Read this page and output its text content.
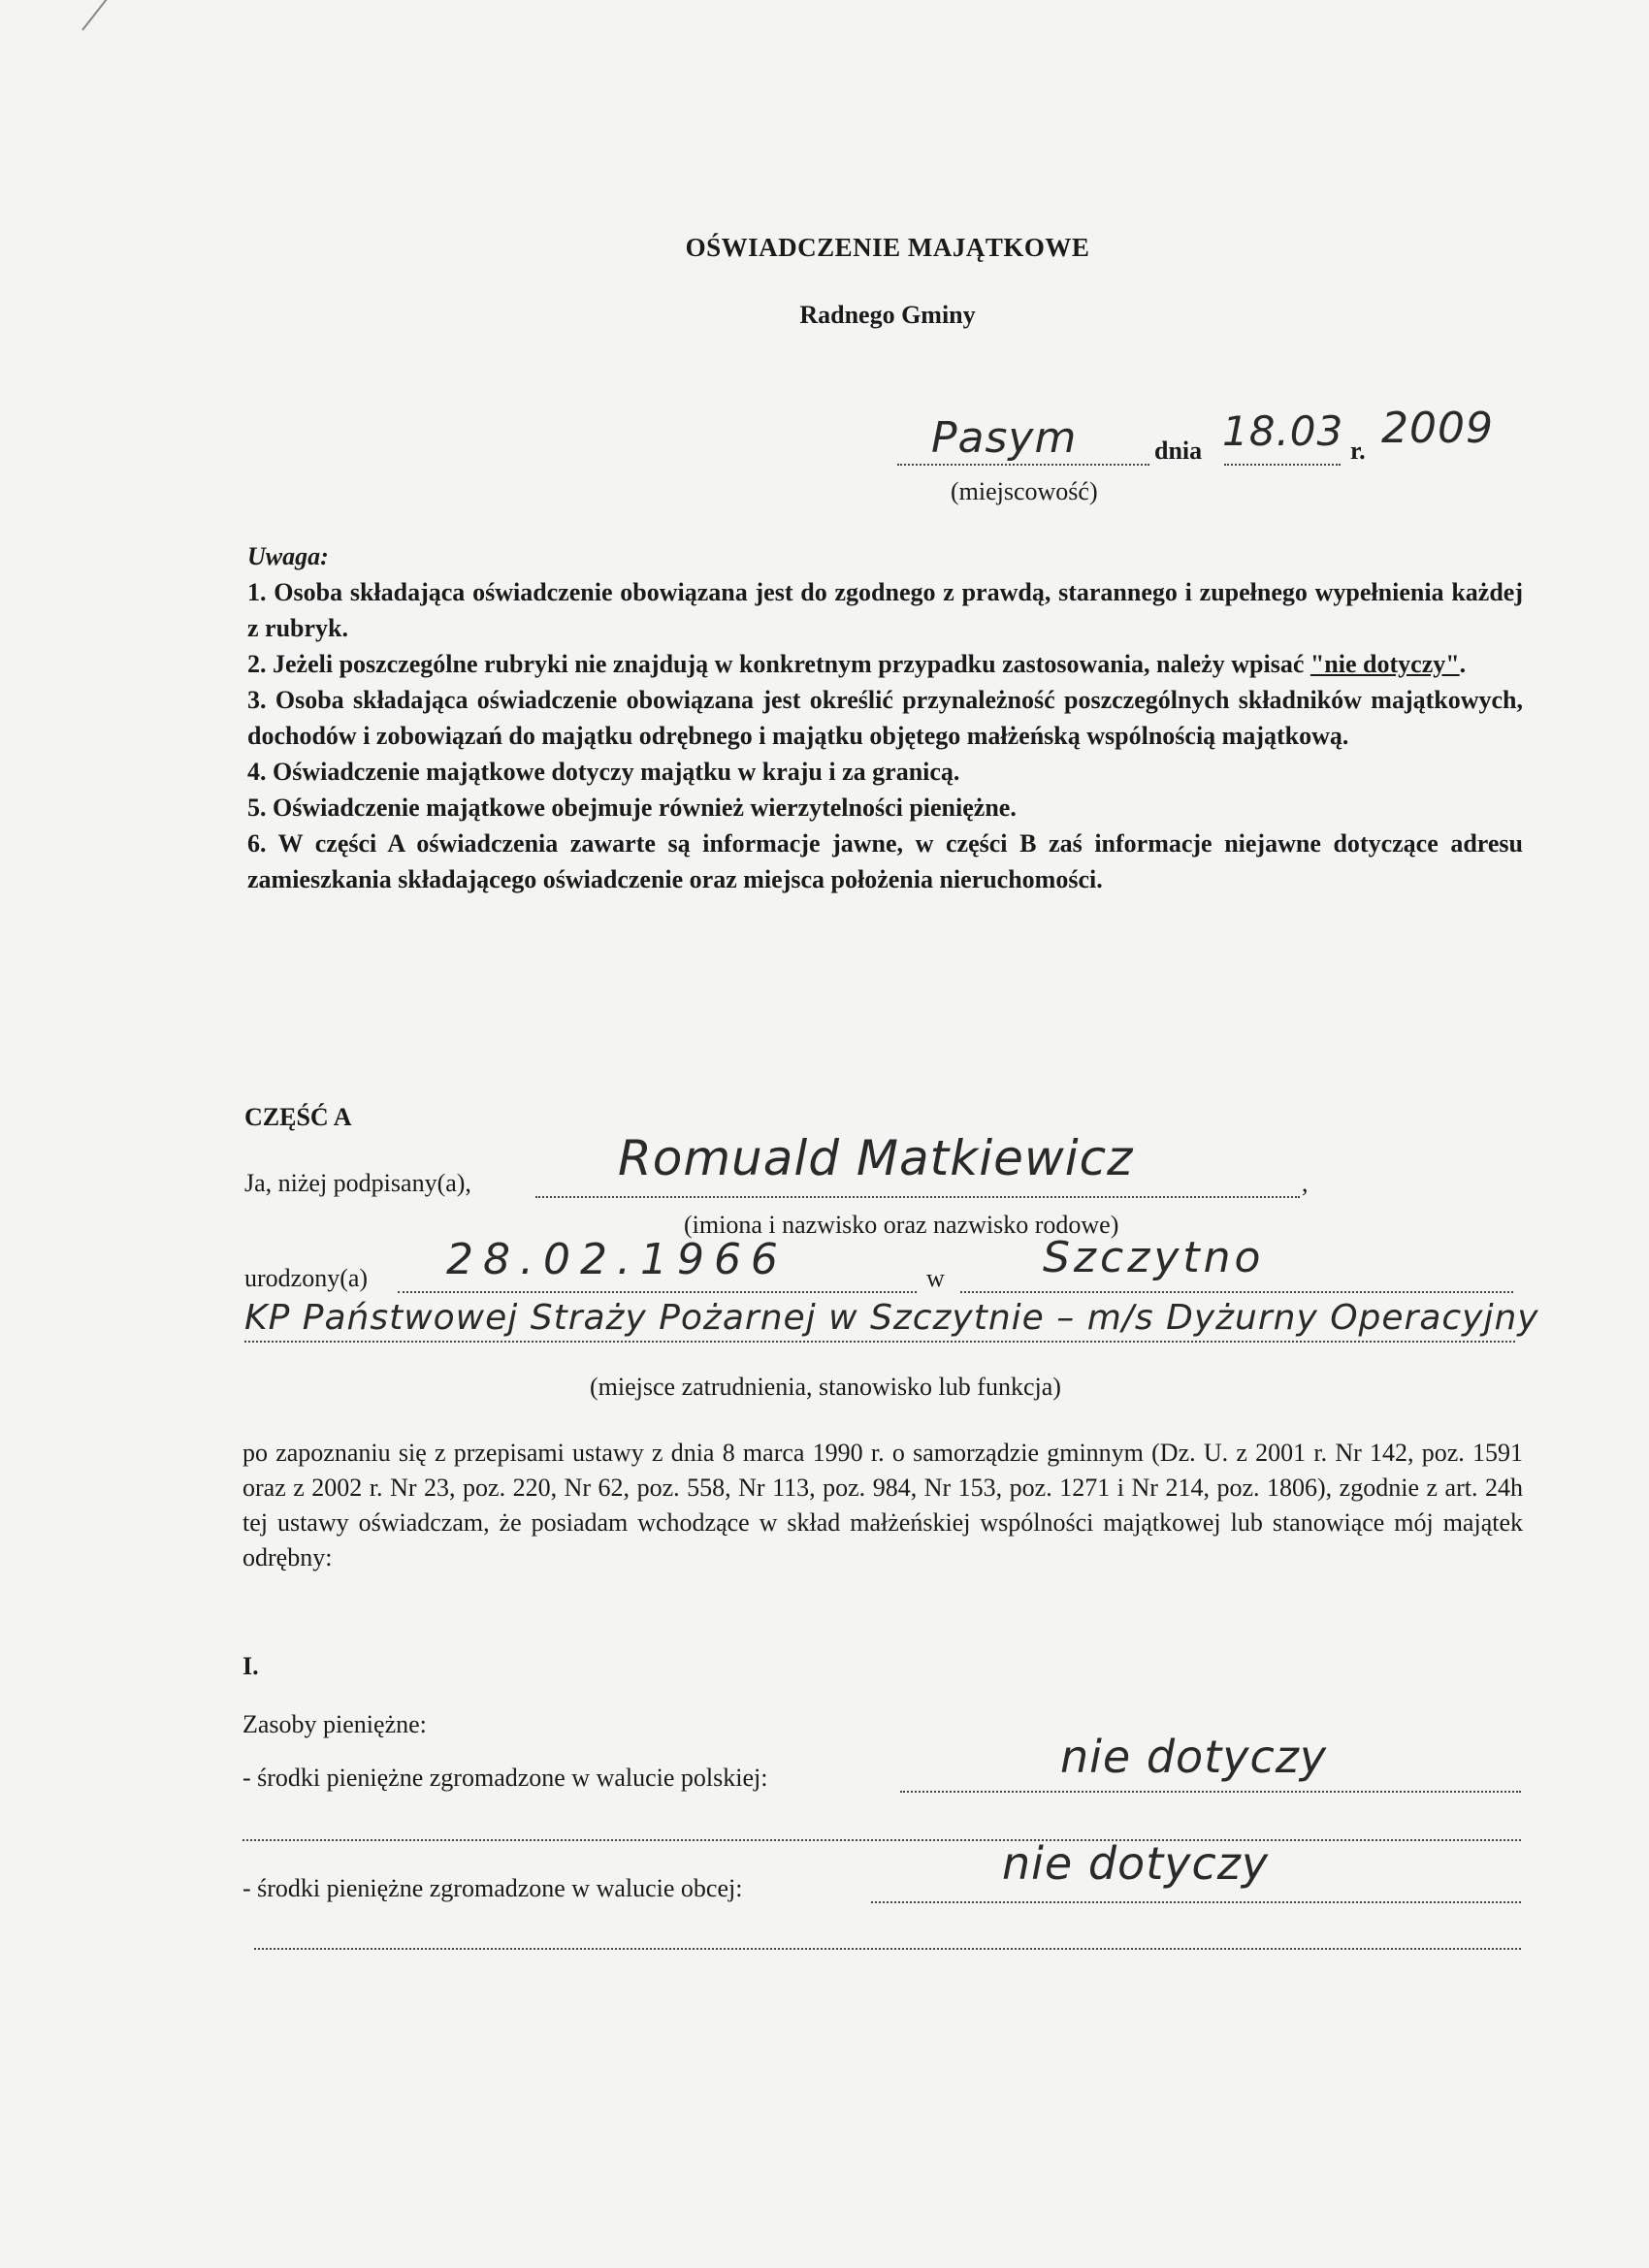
OŚWIADCZENIE MAJĄTKOWE
Radnego Gminy
Pasym	dnia 18.03 r. 2009
(miejscowość)

Uwaga:

1. Osoba składająca oświadczenie obowiązana jest do zgodnego z prawdą, starannego i zupełnego wypełnienia każdej z rubryk.

2. Jeżeli poszczególne rubryki nie znajdują w konkretnym przypadku zastosowania, należy wpisać "nie dotyczy".

3. Osoba składająca oświadczenie obowiązana jest określić przynależność poszczególnych składników majątkowych, dochodów i zobowiązań do majątku odrębnego i majątku objętego małżeńską wspólnością majątkową.

4. Oświadczenie majątkowe dotyczy majątku w kraju i za granicą.

5. Oświadczenie majątkowe obejmuje również wierzytelności pieniężne.

6. W części A oświadczenia zawarte są informacje jawne, w części B zaś informacje niejawne dotyczące adresu zamieszkania składającego oświadczenie oraz miejsca położenia nieruchomości.

CZĘŚĆ A
Ja, niżej podpisany(a),	Romuald Matkiewicz	,
(imiona i nazwisko oraz nazwisko rodowe)
urodzony(a) 28.02.1966	w Szczytno
KP Państwowej Straży Pożarnej w Szczytnie – m/s Dyżurny Operacyjny
(miejsce zatrudnienia, stanowisko lub funkcja)
po zapoznaniu się z przepisami ustawy z dnia 8 marca 1990 r. o samorządzie gminnym (Dz. U. z 2001 r. Nr 142, poz. 1591 oraz z 2002 r. Nr 23, poz. 220, Nr 62, poz. 558, Nr 113, poz. 984, Nr 153, poz. 1271 i Nr 214, poz. 1806), zgodnie z art. 24h tej ustawy oświadczam, że posiadam wchodzące w skład małżeńskiej wspólności majątkowej lub stanowiące mój majątek odrębny:
I.
Zasoby pieniężne:
- środki pieniężne zgromadzone w walucie polskiej:	nie dotyczy
- środki pieniężne zgromadzone w walucie obcej:	nie dotyczy
